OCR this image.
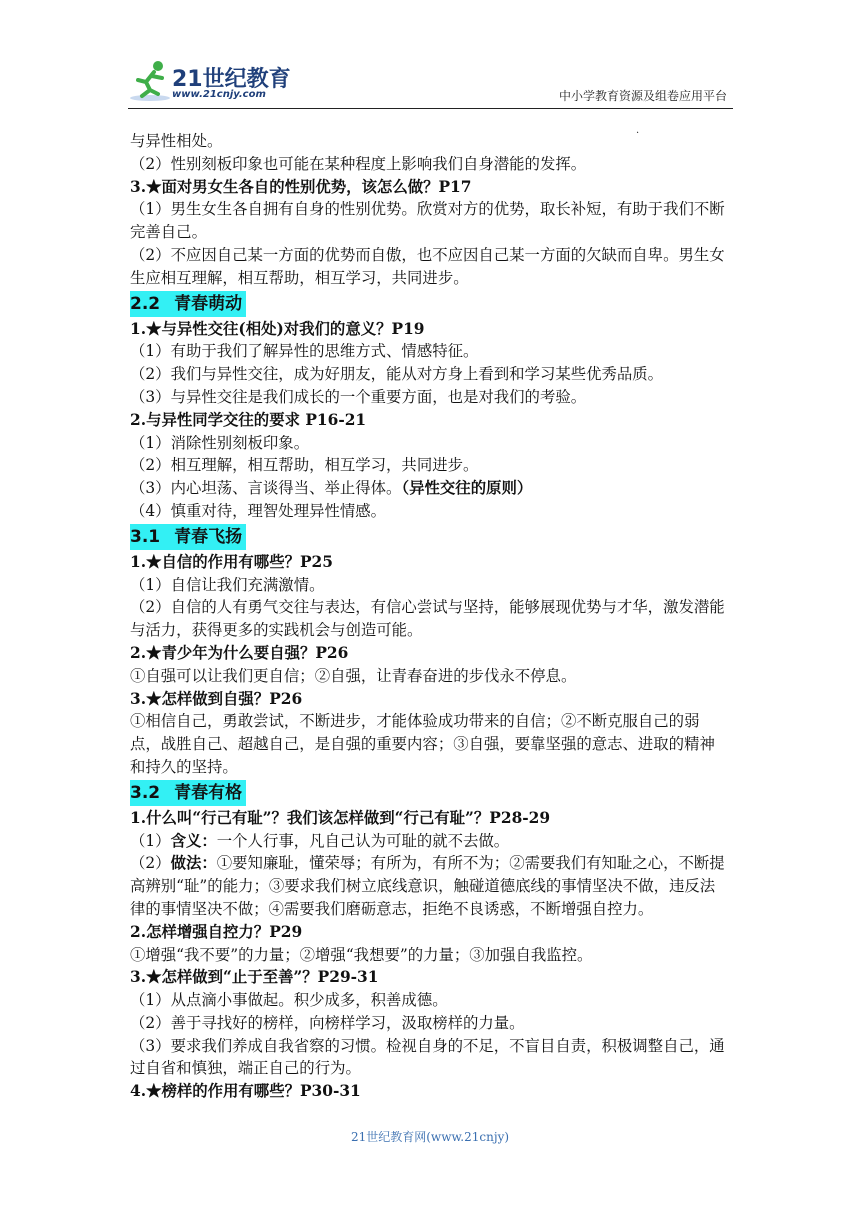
21世纪教育
www.21cnjy.com	中小学教育资源及组卷应用平台
·
与异性相处。
（2）性别刻板印象也可能在某种程度上影响我们自身潜能的发挥。
3.★面对男女生各自的性别优势，该怎么做？P17
（1）男生女生各自拥有自身的性别优势。欣赏对方的优势，取长补短，有助于我们不断完善自己。
（2）不应因自己某一方面的优势而自傲，也不应因自己某一方面的欠缺而自卑。男生女生应相互理解，相互帮助，相互学习，共同进步。
2.2 青春萌动
1.★与异性交往(相处)对我们的意义？P19
（1）有助于我们了解异性的思维方式、情感特征。
（2）我们与异性交往，成为好朋友，能从对方身上看到和学习某些优秀品质。
（3）与异性交往是我们成长的一个重要方面，也是对我们的考验。
2.与异性同学交往的要求 P16-21
（1）消除性别刻板印象。
（2）相互理解，相互帮助，相互学习，共同进步。
（3）内心坦荡、言谈得当、举止得体。（异性交往的原则）
（4）慎重对待，理智处理异性情感。
3.1 青春飞扬
1.★自信的作用有哪些？P25
（1）自信让我们充满激情。
（2）自信的人有勇气交往与表达，有信心尝试与坚持，能够展现优势与才华，激发潜能与活力，获得更多的实践机会与创造可能。
2.★青少年为什么要自强？P26
①自强可以让我们更自信；②自强，让青春奋进的步伐永不停息。
3.★怎样做到自强？P26
①相信自己，勇敢尝试，不断进步，才能体验成功带来的自信；②不断克服自己的弱点，战胜自己、超越自己，是自强的重要内容；③自强，要靠坚强的意志、进取的精神和持久的坚持。
3.2 青春有格
1.什么叫“行己有耻”？我们该怎样做到“行己有耻”？P28-29
（1）含义：一个人行事，凡自己认为可耻的就不去做。
（2）做法：①要知廉耻，懂荣辱；有所为，有所不为；②需要我们有知耻之心，不断提高辨别“耻”的能力；③要求我们树立底线意识，触碰道德底线的事情坚决不做，违反法律的事情坚决不做；④需要我们磨砺意志，拒绝不良诱惑，不断增强自控力。
2.怎样增强自控力？P29
①增强“我不要”的力量；②增强“我想要”的力量；③加强自我监控。
3.★怎样做到“止于至善”？P29-31
（1）从点滴小事做起。积少成多，积善成德。
（2）善于寻找好的榜样，向榜样学习，汲取榜样的力量。
（3）要求我们养成自我省察的习惯。检视自身的不足，不盲目自责，积极调整自己，通过自省和慎独，端正自己的行为。
4.★榜样的作用有哪些？P30-31
21世纪教育网(www.21cnjy)
